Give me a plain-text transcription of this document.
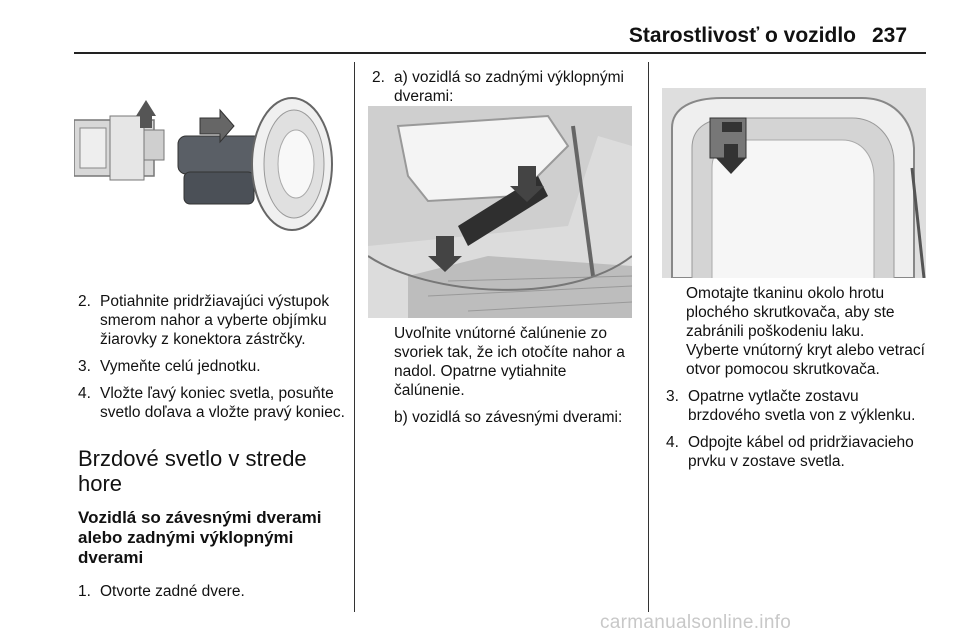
Starostlivosť o vozidlo 237
2. Potiahnite pridržiavajúci výstupok smerom nahor a vyberte objímku žiarovky z konektora zástrčky.
3. Vymeňte celú jednotku.
4. Vložte ľavý koniec svetla, posuňte svetlo doľava a vložte pravý koniec.
Brzdové svetlo v strede hore
Vozidlá so závesnými dverami alebo zadnými výklopnými dverami
1. Otvorte zadné dvere.
2. a) vozidlá so zadnými výklopnými dverami:

Uvoľnite vnútorné čalúnenie zo svoriek tak, že ich otočíte nahor a nadol. Opatrne vytiahnite čalúnenie.

b) vozidlá so závesnými dverami:

Omotajte tkaninu okolo hrotu plochého skrutkovača, aby ste zabránili poškodeniu laku.

Vyberte vnútorný kryt alebo vetrací otvor pomocou skrutkovača.

3. Opatrne vytlačte zostavu brzdového svetla von z výklenku.
4. Odpojte kábel od pridržiavacieho prvku v zostave svetla.
carmanualsonline.info
